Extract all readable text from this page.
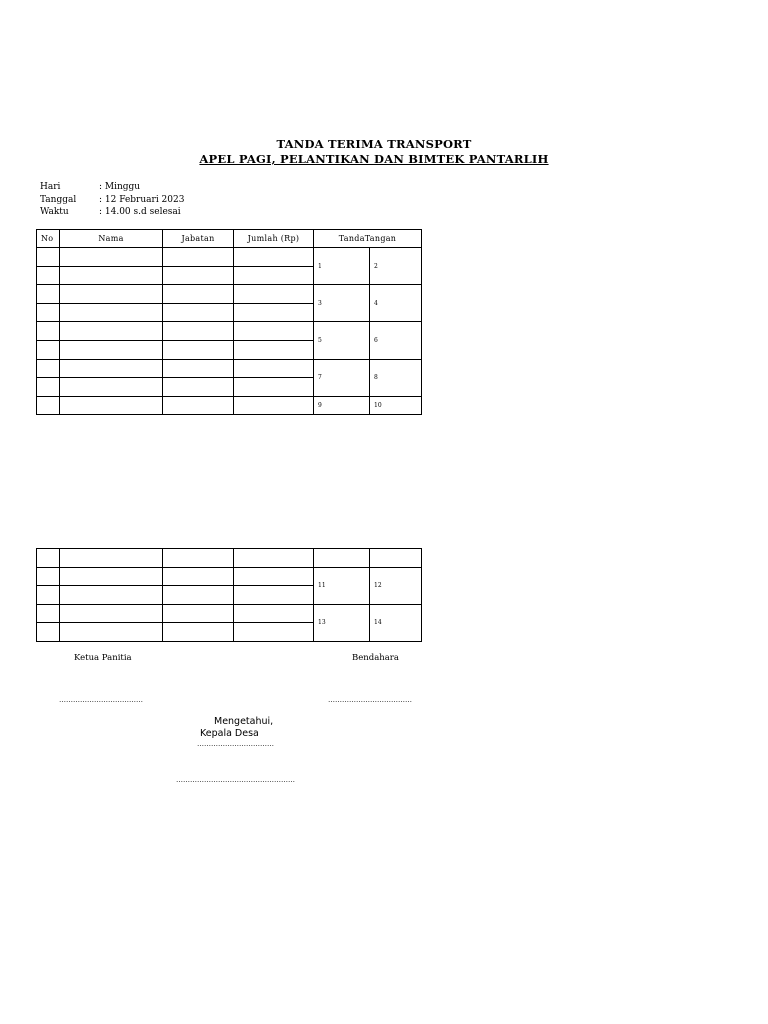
TANDA TERIMA TRANSPORT
APEL PAGI, PELANTIKAN DAN BIMTEK PANTARLIH
Hari	: Minggu
Tanggal	: 12 Februari 2023
Waktu	: 14.00 s.d selesai
No	Nama	Jabatan	Jumlah (Rp)	TandaTangan	
				1	2

				3	4

				5	6

				7	8

				9	10

				11	12

				13	14

Ketua Panitia	Bendahara
………………………………	………………………………
Mengetahui,
Kepala Desa
……………………………
……………………………………………
